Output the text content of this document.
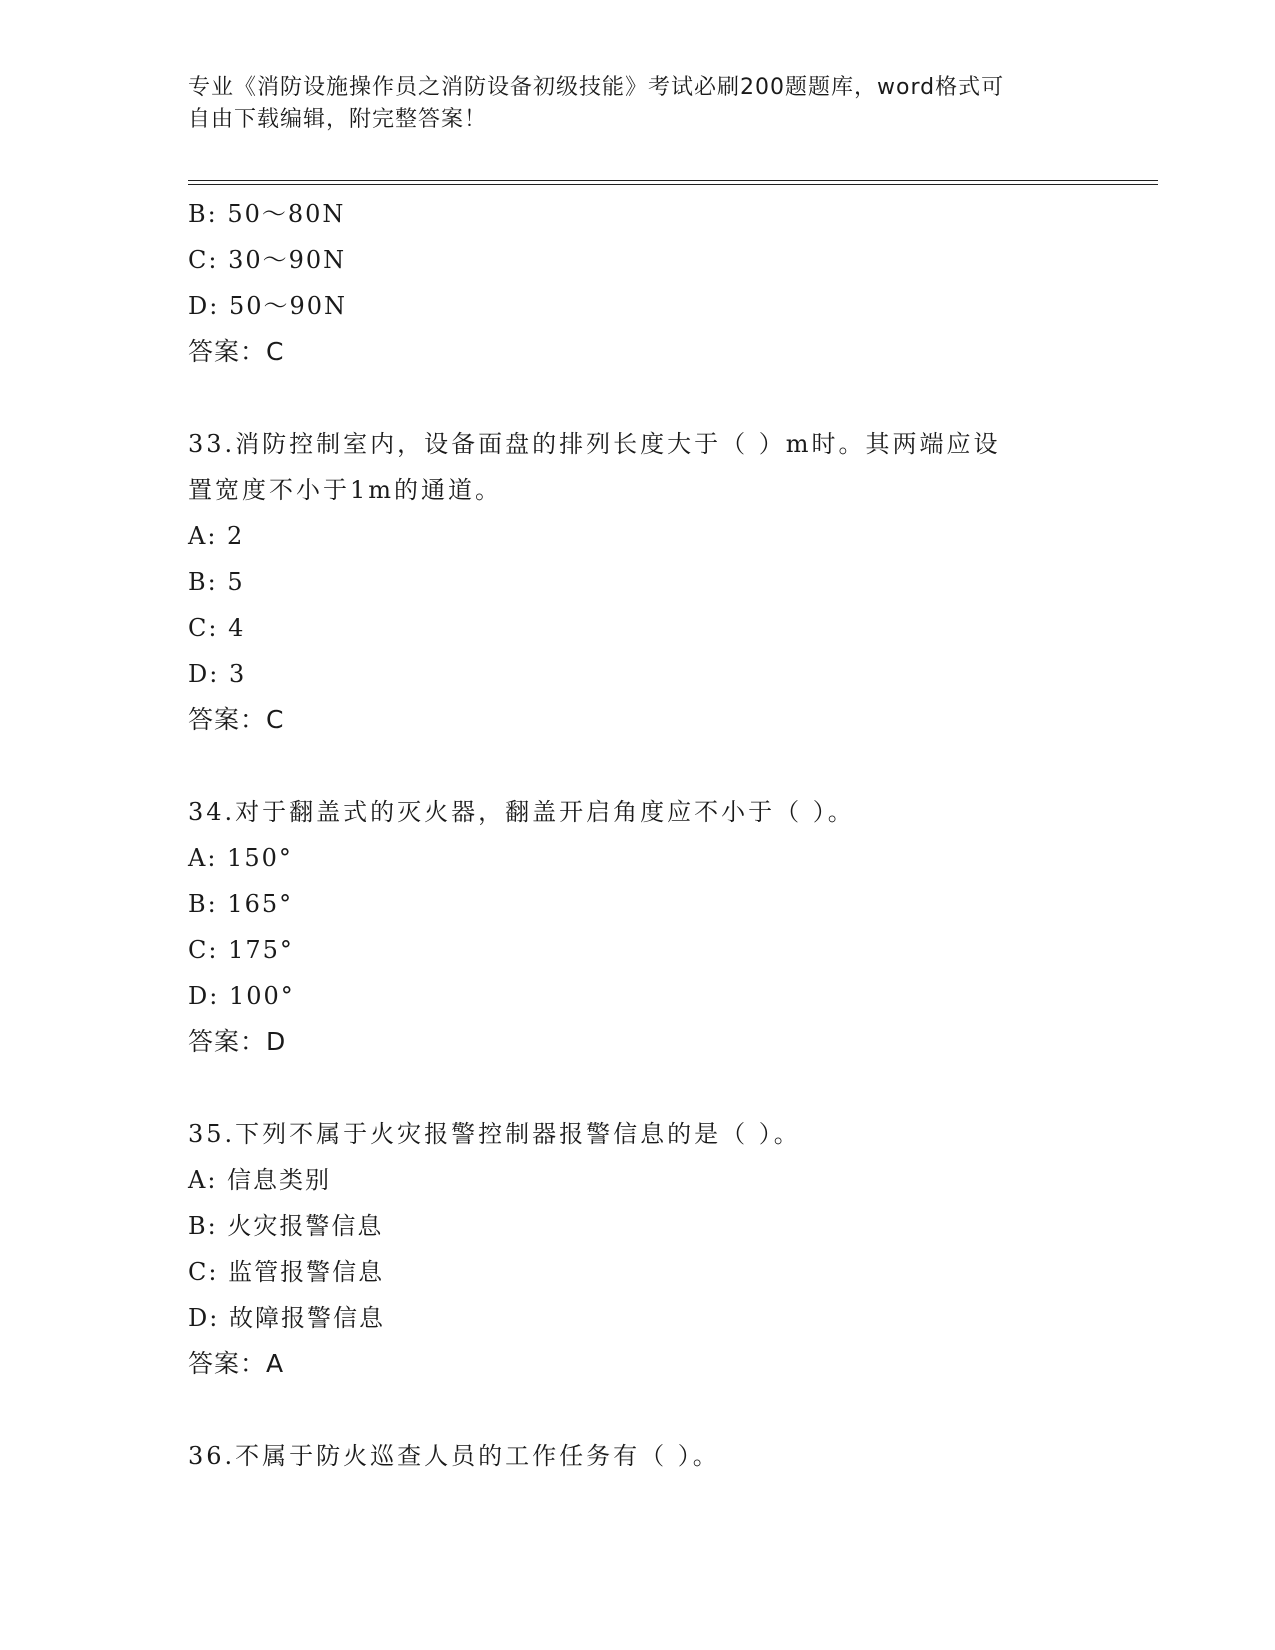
专业《消防设施操作员之消防设备初级技能》考试必刷200题题库，word格式可
自由下载编辑，附完整答案！
B: 50～80N
C: 30～90N
D: 50～90N
答案：C
33.消防控制室内，设备面盘的排列长度大于（ ）m时。其两端应设
置宽度不小于1m的通道。
A: 2
B: 5
C: 4
D: 3
答案：C
34.对于翻盖式的灭火器，翻盖开启角度应不小于（ ）。
A: 150°
B: 165°
C: 175°
D: 100°
答案：D
35.下列不属于火灾报警控制器报警信息的是（ ）。
A: 信息类别
B: 火灾报警信息
C: 监管报警信息
D: 故障报警信息
答案：A
36.不属于防火巡查人员的工作任务有（ ）。
